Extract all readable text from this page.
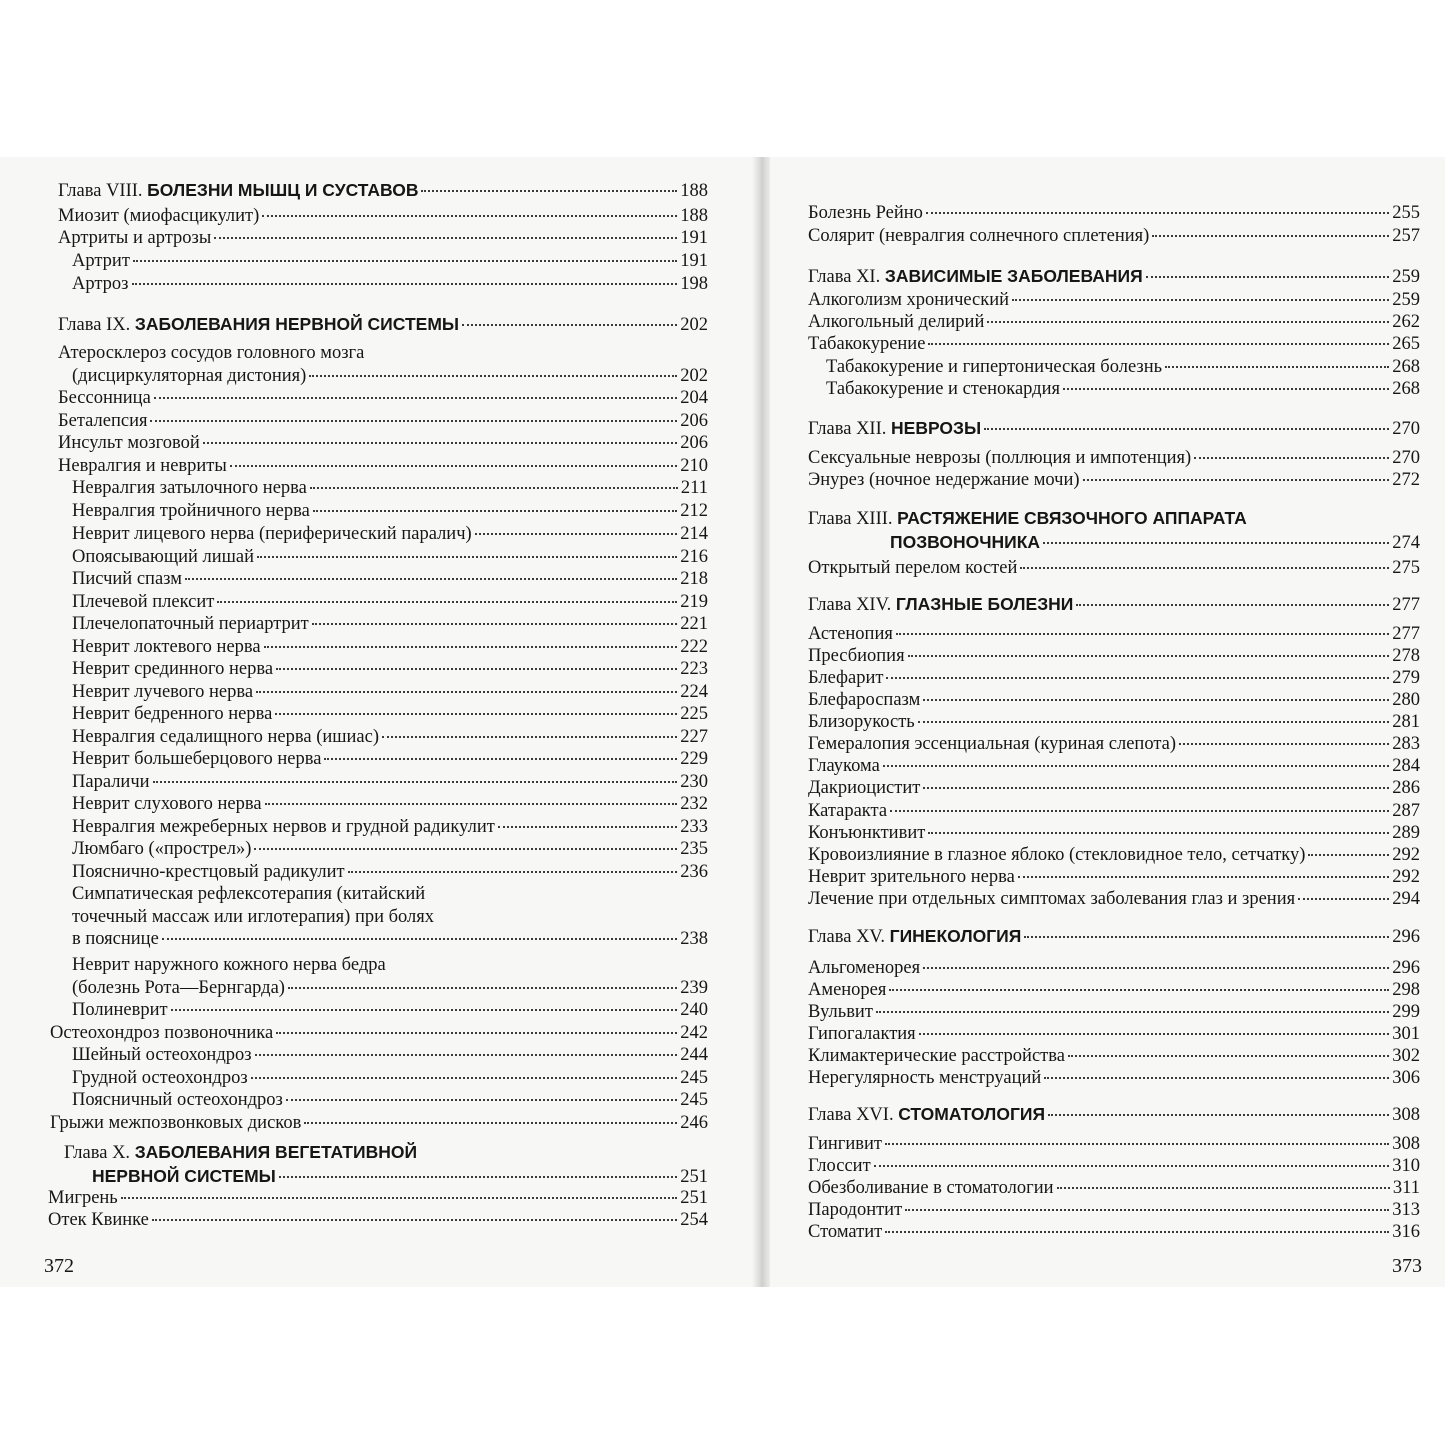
Глава VIII. БОЛЕЗНИ МЫШЦ И СУСТАВОВ	188
Миозит (миофасцикулит)	188
Артриты и артрозы	191
Артрит	191
Артроз	198
Глава IX. ЗАБОЛЕВАНИЯ НЕРВНОЙ СИСТЕМЫ	202
Атеросклероз сосудов головного мозга
(дисциркуляторная дистония)	202
Бессонница	204
Беталепсия	206
Инсульт мозговой	206
Невралгия и невриты	210
Невралгия затылочного нерва	211
Невралгия тройничного нерва	212
Неврит лицевого нерва (периферический паралич)	214
Опоясывающий лишай	216
Писчий спазм	218
Плечевой плексит	219
Плечелопаточный периартрит	221
Неврит локтевого нерва	222
Неврит срединного нерва	223
Неврит лучевого нерва	224
Неврит бедренного нерва	225
Невралгия седалищного нерва (ишиас)	227
Неврит большеберцового нерва	229
Параличи	230
Неврит слухового нерва	232
Невралгия межреберных нервов и грудной радикулит	233
Люмбаго («прострел»)	235
Пояснично-крестцовый радикулит	236
Симпатическая рефлексотерапия (китайский
точечный массаж или иглотерапия) при болях
в пояснице	238
Неврит наружного кожного нерва бедра
(болезнь Рота—Бернгарда)	239
Полиневрит	240
Остеохондроз позвоночника	242
Шейный остеохондроз	244
Грудной остеохондроз	245
Поясничный остеохондроз	245
Грыжи межпозвонковых дисков	246
Глава X. ЗАБОЛЕВАНИЯ ВЕГЕТАТИВНОЙ
НЕРВНОЙ СИСТЕМЫ	251
Мигрень	251
Отек Квинке	254
372
Болезнь Рейно	255
Солярит (невралгия солнечного сплетения)	257
Глава XI. ЗАВИСИМЫЕ ЗАБОЛЕВАНИЯ	259
Алкоголизм хронический	259
Алкогольный делирий	262
Табакокурение	265
Табакокурение и гипертоническая болезнь	268
Табакокурение и стенокардия	268
Глава XII. НЕВРОЗЫ	270
Сексуальные неврозы (поллюция и импотенция)	270
Энурез (ночное недержание мочи)	272
Глава XIII. РАСТЯЖЕНИЕ СВЯЗОЧНОГО АППАРАТА
ПОЗВОНОЧНИКА	274
Открытый перелом костей	275
Глава XIV. ГЛАЗНЫЕ БОЛЕЗНИ	277
Астенопия	277
Пресбиопия	278
Блефарит	279
Блефароспазм	280
Близорукость	281
Гемералопия эссенциальная (куриная слепота)	283
Глаукома	284
Дакриоцистит	286
Катаракта	287
Конъюнктивит	289
Кровоизлияние в глазное яблоко (стекловидное тело, сетчатку)	292
Неврит зрительного нерва	292
Лечение при отдельных симптомах заболевания глаз и зрения	294
Глава XV. ГИНЕКОЛОГИЯ	296
Альгоменорея	296
Аменорея	298
Вульвит	299
Гипогалактия	301
Климактерические расстройства	302
Нерегулярность менструаций	306
Глава XVI. СТОМАТОЛОГИЯ	308
Гингивит	308
Глоссит	310
Обезболивание в стоматологии	311
Пародонтит	313
Стоматит	316
373
